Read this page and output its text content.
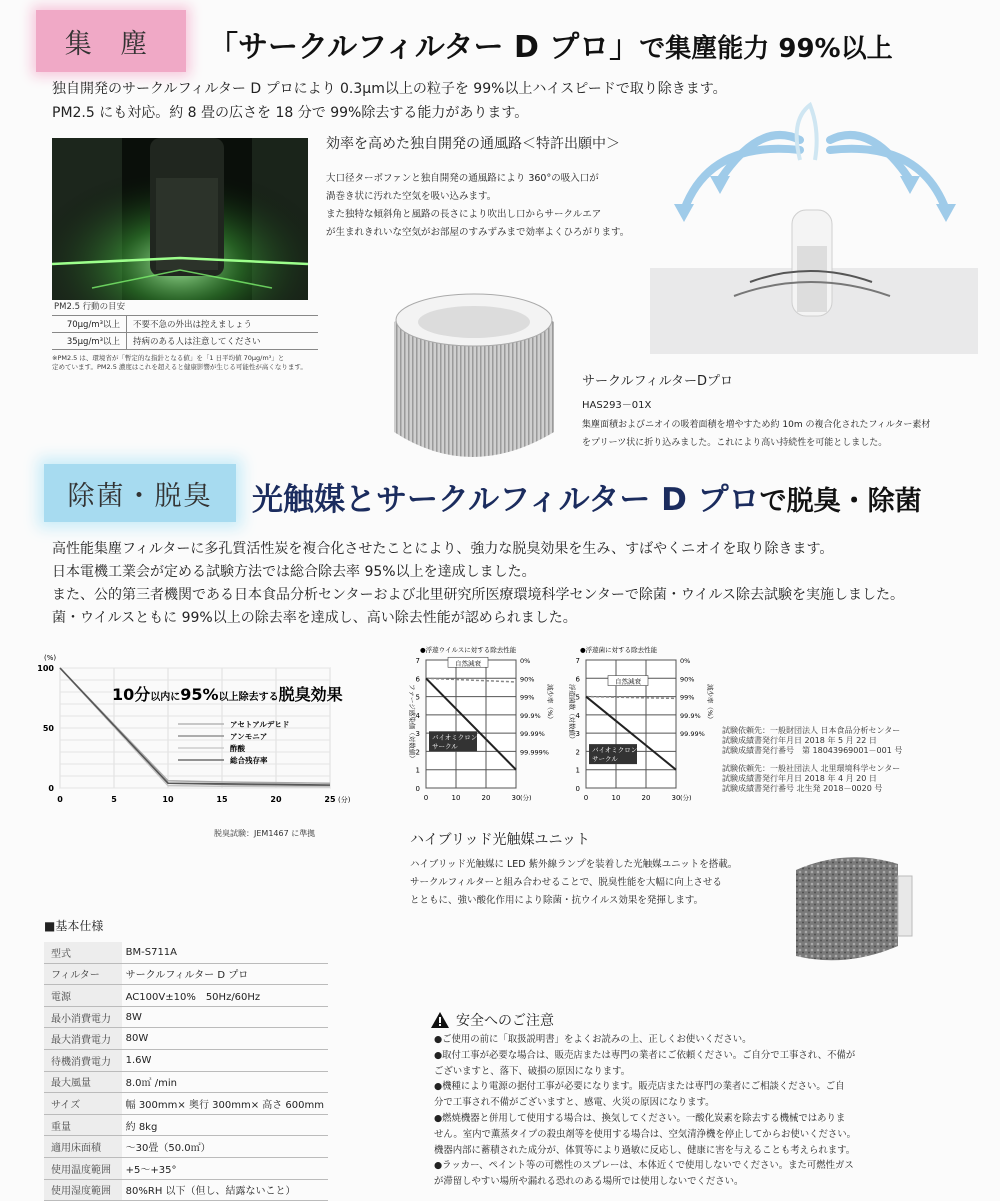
集 塵	「サークルフィルター D プロ」で集塵能力 99%以上
独自開発のサークルフィルター D プロにより 0.3μm以上の粒子を 99%以上ハイスピードで取り除きます。
PM2.5 にも対応。約 8 畳の広さを 18 分で 99%除去する能力があります。
効率を高めた独自開発の通風路＜特許出願中＞
大口径ターボファンと独自開発の通風路により 360°の吸入口が
渦巻き状に汚れた空気を吸い込みます。
また独特な傾斜角と風路の長さにより吹出し口からサークルエア
が生まれきれいな空気がお部屋のすみずみまで効率よくひろがります。
PM2.5 行動の目安
70μg/m³以上	不要不急の外出は控えましょう
35μg/m³以上	持病のある人は注意してください
※PM2.5 は、環境省が「暫定的な指針となる値」を「1 日平均値 70μg/m³」と
定めています。PM2.5 濃度はこれを超えると健康影響が生じる可能性が高くなります。
サークルフィルターDプロ
HAS293－01X
集塵面積およびニオイの吸着面積を増やすため約 10m の複合化されたフィルター素材
をプリーツ状に折り込みました。これにより高い持続性を可能としました。
除菌・脱臭	光触媒とサークルフィルター D プロで脱臭・除菌
高性能集塵フィルターに多孔質活性炭を複合化させたことにより、強力な脱臭効果を生み、すばやくニオイを取り除きます。
日本電機工業会が定める試験方法では総合除去率 95%以上を達成しました。
また、公的第三者機関である日本食品分析センターおよび北里研究所医療環境科学センターで除菌・ウイルス除去試験を実施しました。
菌・ウイルスともに 99%以上の除去率を達成し、高い除去性能が認められました。
(%)
100
50
0
0	5	10	15	20	25 (分)
10分以内に95%以上除去する脱臭効果
アセトアルデヒド
アンモニア
酢酸
総合残存率
脱臭試験：JEM1467 に準拠
●浮遊ウイルスに対する除去性能
7
6
5
4
3
2
1
0
0	10	20	30 (分)
0%
90%
99%
99.9%
99.99%
99.999%
ファージ感染価（対数値）	減少率（%）
自然減衰
バイオミクロン
サークル
●浮遊菌に対する除去性能
7
6
5
4
3
2
1
0
0	10	20	30 (分)
0%
90%
99%
99.9%
99.99%
浮遊菌数（対数値）	減少率（%）
自然減衰
バイオミクロン
サークル
試験依頼先：一般財団法人 日本食品分析センター
試験成績書発行年月日 2018 年 5 月 22 日
試験成績書発行番号　第 18043969001－001 号
試験依頼先：一般社団法人 北里環境科学センター
試験成績書発行年月日 2018 年 4 月 20 日
試験成績書発行番号 北生発 2018－0020 号
ハイブリッド光触媒ユニット
ハイブリッド光触媒に LED 紫外線ランプを装着した光触媒ユニットを搭載。
サークルフィルターと組み合わせることで、脱臭性能を大幅に向上させる
とともに、強い酸化作用により除菌・抗ウイルス効果を発揮します。
■基本仕様
型式	BM-S711A
フィルター	サークルフィルター D プロ
電源	AC100V±10%　50Hz/60Hz
最小消費電力	8W
最大消費電力	80W
待機消費電力	1.6W
最大風量	8.0㎥ /min
サイズ	幅 300mm× 奥行 300mm× 高さ 600mm
重量	約 8kg
適用床面積	～30畳（50.0㎡）
使用温度範囲	+5～+35°
使用湿度範囲	80%RH 以下（但し、結露ないこと）
安全へのご注意
●ご使用の前に「取扱説明書」をよくお読みの上、正しくお使いください。
●取付工事が必要な場合は、販売店または専門の業者にご依頼ください。ご自分で工事され、不備が
ございますと、落下、破損の原因になります。
●機種により電源の据付工事が必要になります。販売店または専門の業者にご相談ください。ご自
分で工事され不備がございますと、感電、火災の原因になります。
●燃焼機器と併用して使用する場合は、換気してください。一酸化炭素を除去する機械ではありま
せん。室内で薫蒸タイプの殺虫剤等を使用する場合は、空気清浄機を停止してからお使いください。
機器内部に蓄積された成分が、体質等により過敏に反応し、健康に害を与えることも考えられます。
●ラッカー、ペイント等の可燃性のスプレーは、本体近くで使用しないでください。また可燃性ガス
が滞留しやすい場所や漏れる恐れのある場所では使用しないでください。
